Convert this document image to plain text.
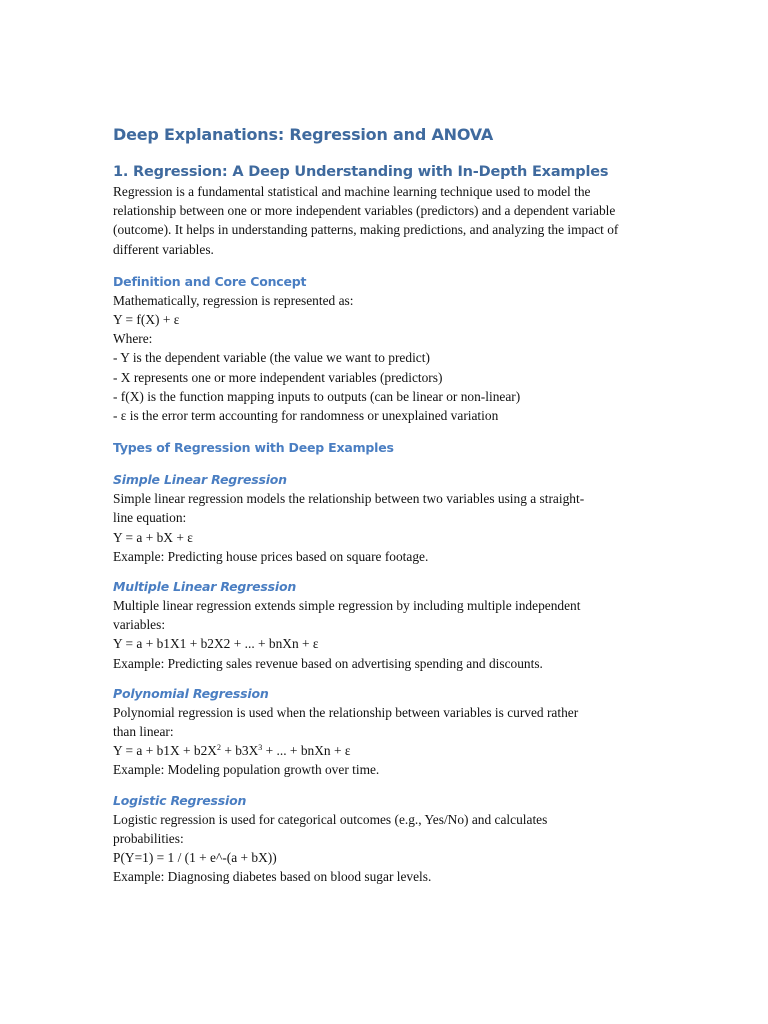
Deep Explanations: Regression and ANOVA
1. Regression: A Deep Understanding with In-Depth Examples

Regression is a fundamental statistical and machine learning technique used to model the relationship between one or more independent variables (predictors) and a dependent variable (outcome). It helps in understanding patterns, making predictions, and analyzing the impact of different variables.

Definition and Core Concept

Mathematically, regression is represented as:

Y = f(X) + ε

Where:

- Y is the dependent variable (the value we want to predict)

- X represents one or more independent variables (predictors)

- f(X) is the function mapping inputs to outputs (can be linear or non-linear)

- ε is the error term accounting for randomness or unexplained variation

Types of Regression with Deep Examples
Simple Linear Regression

Simple linear regression models the relationship between two variables using a straight-

line equation:

Y = a + bX + ε

Example: Predicting house prices based on square footage.

Multiple Linear Regression

Multiple linear regression extends simple regression by including multiple independent

variables:

Y = a + b1X1 + b2X2 + ... + bnXn + ε

Example: Predicting sales revenue based on advertising spending and discounts.

Polynomial Regression

Polynomial regression is used when the relationship between variables is curved rather

than linear:

$Y = a + b1X + b2X^2 + b3X^3$ + ... + bnXn + ε

Example: Modeling population growth over time.

Logistic Regression

Logistic regression is used for categorical outcomes (e.g., Yes/No) and calculates

probabilities:

P(Y=1) = 1 / (1 + e^-(a + bX))

Example: Diagnosing diabetes based on blood sugar levels.
